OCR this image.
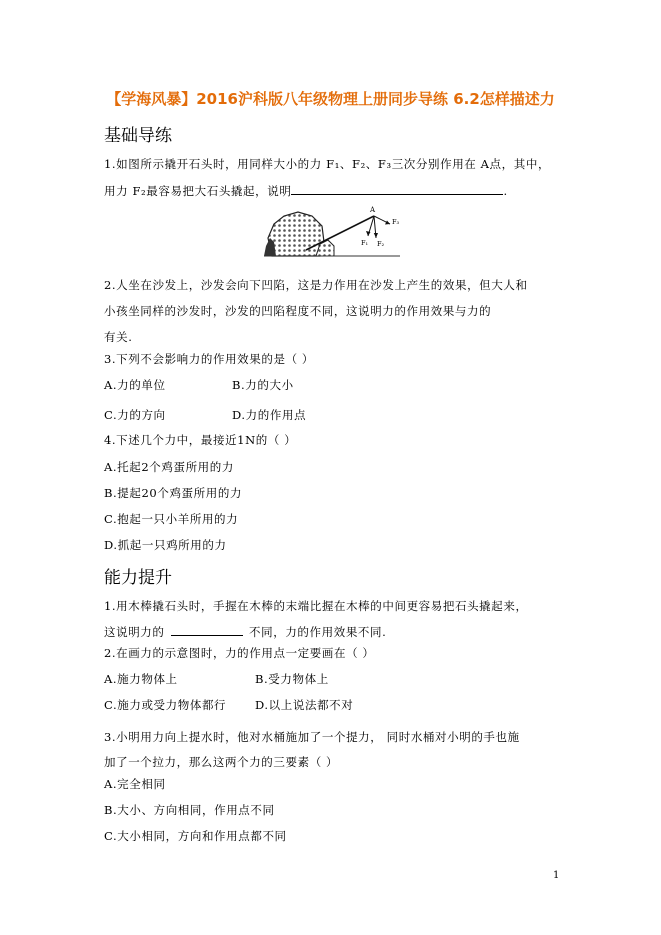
【学海风暴】2016沪科版八年级物理上册同步导练 6.2怎样描述力
基础导练
1.如图所示撬开石头时，用同样大小的力 F₁、F₂、F₃三次分别作用在 A点，其中，
用力 F₂最容易把大石头撬起，说明	.
A
F₁ F₂
F₃
2.人坐在沙发上，沙发会向下凹陷，这是力作用在沙发上产生的效果，但大人和
小孩坐同样的沙发时，沙发的凹陷程度不同，这说明力的作用效果与力的
有关.
3.下列不会影响力的作用效果的是（ ）
A.力的单位	B.力的大小
C.力的方向	D.力的作用点
4.下述几个力中，最接近1N的（ ）
A.托起2个鸡蛋所用的力
B.提起20个鸡蛋所用的力
C.抱起一只小羊所用的力
D.抓起一只鸡所用的力
能力提升
1.用木棒撬石头时，手握在木棒的末端比握在木棒的中间更容易把石头撬起来，
这说明力的	不同，力的作用效果不同.
2.在画力的示意图时，力的作用点一定要画在（ ）
A.施力物体上	B.受力物体上
C.施力或受力物体都行	D.以上说法都不对
3.小明用力向上提水时，他对水桶施加了一个提力， 同时水桶对小明的手也施
加了一个拉力，那么这两个力的三要素（ ）
A.完全相同
B.大小、方向相同，作用点不同
C.大小相同，方向和作用点都不同
1
